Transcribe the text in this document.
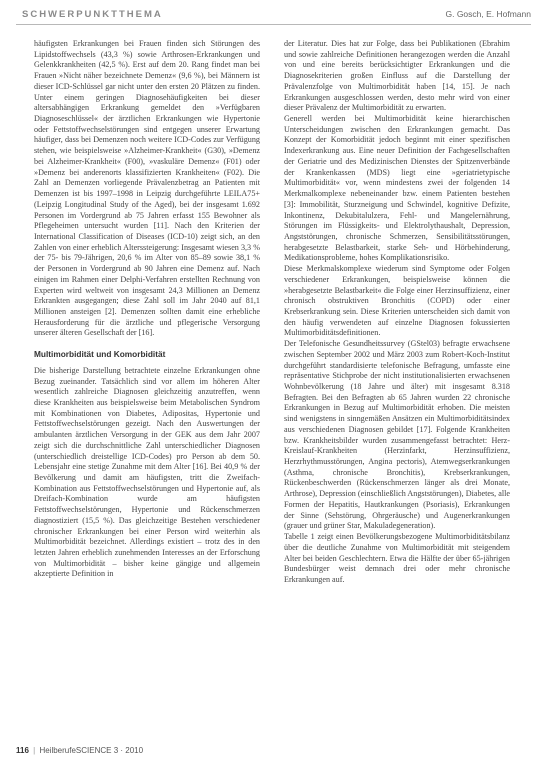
SCHWERPUNKTTHEMA	G. Gosch, E. Hofmann

häufigsten Erkrankungen bei Frauen finden sich Störungen des Lipidstoffwechsels (43,3 %) sowie Arthrosen-Erkrankungen und Gelenkkrankheiten (42,5 %). Erst auf dem 20. Rang findet man bei Frauen »Nicht näher bezeichnete Demenz« (9,6 %), bei Männern ist dieser ICD-Schlüssel gar nicht unter den ersten 20 Plätzen zu finden. Unter einem geringen Diagnosehäufigkeiten bei dieser altersabhängigen Erkrankung gemeldet den »Verfügbaren Diagnoseschlüssel« der ärztlichen Erkrankungen wie Hypertonie oder Fettstoffwechselstörungen sind entgegen unserer Erwartung häufiger, dass bei Demenzen noch weitere ICD-Codes zur Verfügung stehen, wie beispielsweise »Alzheimer-Krankheit« (G30), »Demenz bei Alzheimer-Krankheit« (F00), »vaskuläre Demenz« (F01) oder »Demenz bei anderenorts klassifizierten Krankheiten« (F02). Die Zahl an Demenzen vorliegende Prävalenzbetrag an Patienten mit Demenzen ist bis 1997–1998 in Leipzig durchgeführte LEILA75+ (Leipzig Longitudinal Study of the Aged), bei der insgesamt 1.692 Personen im Vordergrund ab 75 Jahren erfasst 155 Bewohner als Pflegeheimen untersucht wurden [11]. Nach den Kriterien der International Classification of Diseases (ICD-10) zeigt sich, an den Zahlen von einer erheblich Alterssteigerung: Insgesamt wiesen 3,3 % der 75- bis 79-Jährigen, 20,6 % im Alter von 85–89 sowie 38,1 % der Personen in Vordergrund ab 90 Jahren eine Demenz auf. Nach einigen im Rahmen einer Delphi-Verfahren erstellten Rechnung von Experten wird weltweit von insgesamt 24,3 Millionen an Demenz Erkrankten ausgegangen; diese Zahl soll im Jahr 2040 auf 81,1 Millionen ansteigen [2]. Demenzen sollten damit eine erhebliche Herausforderung für die ärztliche und pflegerische Versorgung unserer älteren Gesellschaft der [16].

Multimorbidität und Komorbidität

Die bisherige Darstellung betrachtete einzelne Erkrankungen ohne Bezug zueinander. Tatsächlich sind vor allem im höheren Alter wesentlich zahlreiche Diagnosen gleichzeitig anzutreffen, wenn diese Krankheiten aus beispielsweise beim Metabolischen Syndrom mit Kombinationen von Diabetes, Adipositas, Hypertonie und Fettstoffwechselstörungen gezeigt. Nach den Auswertungen der ambulanten ärztlichen Versorgung in der GEK aus dem Jahr 2007 zeigt sich die durchschnittliche Zahl unterschiedlicher Diagnosen (unterschiedlich dreistellige ICD-Codes) pro Person ab dem 50. Lebensjahr eine stetige Zunahme mit dem Alter [16]. Bei 40,9 % der Bevölkerung und damit am häufigsten, tritt die Zweifach-Kombination aus Fettstoffwechselstörungen und Hypertonie auf, als Dreifach-Kombination wurde am häufigsten Fettstoffwechselstörungen, Hypertonie und Rückenschmerzen diagnostiziert (15,5 %). Das gleichzeitige Bestehen verschiedener chronischer Erkrankungen bei einer Person wird weiterhin als Multimorbidität bezeichnet. Allerdings existiert – trotz des in den letzten Jahren erheblich zunehmenden Interesses an der Erforschung von Multimorbidität – bisher keine gängige und allgemein akzeptierte Definition in

der Literatur. Dies hat zur Folge, dass bei Publikationen (Ebrahim und sowie zahlreiche Definitionen herangezogen werden die Anzahl von und eine bereits berücksichtigter Erkrankungen und die Diagnosekriterien großen Einfluss auf die Darstellung der Prävalenzfolge von Multimorbidität haben [14, 15]. Je nach Erkrankungen ausgeschlossen werden, desto mehr wird von einer dieser Prävalenz der Multimorbidität zu erwarten.

Generell werden bei Multimorbidität keine hierarchischen Unterscheidungen zwischen den Erkrankungen gemacht. Das Konzept der Komorbidität jedoch beginnt mit einer spezifischen Indexerkrankung aus. Eine neuer Definition der Fachgesellschaften der Geriatrie und des Medizinischen Dienstes der Spitzenverbände der Krankenkassen (MDS) liegt eine »geriatrietypische Multimorbidität« vor, wenn mindestens zwei der folgenden 14 Merkmalkomplexe nebeneinander bzw. einem Patienten bestehen [3]: Immobilität, Sturzneigung und Schwindel, kognitive Defizite, Inkontinenz, Dekubitalulzera, Fehl- und Mangelernährung, Störungen im Flüssigkeits- und Elektrolythaushalt, Depression, Angststörungen, chronische Schmerzen, Sensibilitätsstörungen, herabgesetzte Belastbarkeit, starke Seh- und Hörbehinderung, Medikationsprobleme, hohes Komplikationsrisiko.

Diese Merkmalskomplexe wiederum sind Symptome oder Folgen verschiedener Erkrankungen, beispielsweise können die »herabgesetzte Belastbarkeit« die Folge einer Herzinsuffizienz, einer chronisch obstruktiven Bronchitis (COPD) oder einer Krebserkrankung sein. Diese Kriterien unterscheiden sich damit von den häufig verwendeten auf einzelne Diagnosen fokussierten Multimorbiditätsdefinitionen.

Der Telefonische Gesundheitssurvey (GStel03) befragte erwachsene zwischen September 2002 und März 2003 zum Robert-Koch-Institut durchgeführt standardisierte telefonische Befragung, umfasste eine repräsentative Stichprobe der nicht institutionalisierten erwachsenen Wohnbevölkerung (18 Jahre und älter) mit insgesamt 8.318 Befragten. Bei den Befragten ab 65 Jahren wurden 22 chronische Erkrankungen in Bezug auf Multimorbidität erhoben. Die meisten sind wenigstens in sinngemäßen Ansätzen ein Multimorbiditätsindex aus verschiedenen Diagnosen gebildet [17]. Folgende Krankheiten bzw. Krankheitsbilder wurden zusammengefasst betrachtet: Herz-Kreislauf-Krankheiten (Herzinfarkt, Herzinsuffizienz, Herzrhythmusstörungen, Angina pectoris), Atemwegserkrankungen (Asthma, chronische Bronchitis), Krebserkrankungen, Rückenbeschwerden (Rückenschmerzen länger als drei Monate, Arthrose), Depression (einschließlich Angststörungen), Diabetes, alle Formen der Hepatitis, Hautkrankungen (Psoriasis), Erkrankungen der Sinne (Sehstörung, Ohrgeräusche) und Augenerkrankungen (grauer und grüner Star, Makuladegeneration).

Tabelle 1 zeigt einen Bevölkerungsbezogene Multimorbiditätsbilanz über die deutliche Zunahme von Multimorbidität mit steigendem Alter bei beiden Geschlechtern. Etwa die Hälfte der über 65-jährigen Bundesbürger weist demnach drei oder mehr chronische Erkrankungen auf.

116 | HeilberufeSCIENCE 3 · 2010
